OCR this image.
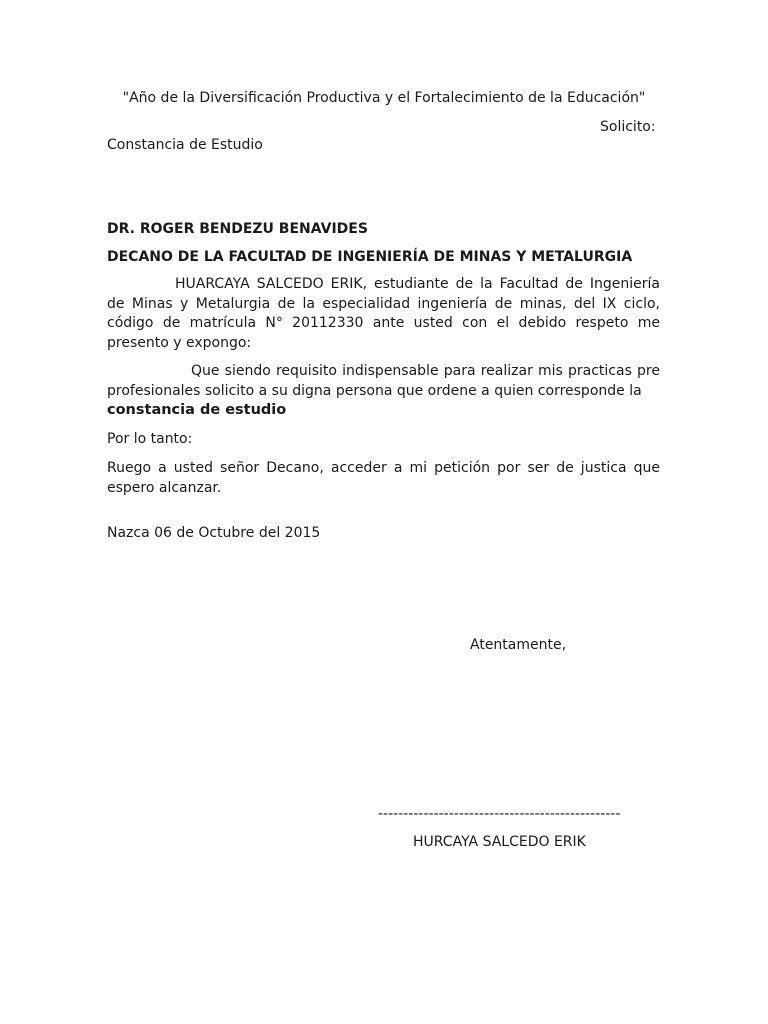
"Año de la Diversificación Productiva y el Fortalecimiento de la Educación"
Solicito:
Constancia de Estudio
DR. ROGER BENDEZU BENAVIDES
DECANO DE LA FACULTAD DE INGENIERÍA DE MINAS Y METALURGIA
HUARCAYA SALCEDO ERIK, estudiante de la Facultad de Ingeniería de Minas y Metalurgia de la especialidad ingeniería de minas, del IX ciclo, código de matrícula N° 20112330 ante usted con el debido respeto me presento y expongo:
Que siendo requisito indispensable para realizar mis practicas pre profesionales solicito a su digna persona que ordene a quien corresponde la
constancia de estudio
Por lo tanto:
Ruego a usted señor Decano, acceder a mi petición por ser de justica que espero alcanzar.
Nazca 06 de Octubre del 2015
Atentamente,
------------------------------------------------
HURCAYA SALCEDO ERIK
